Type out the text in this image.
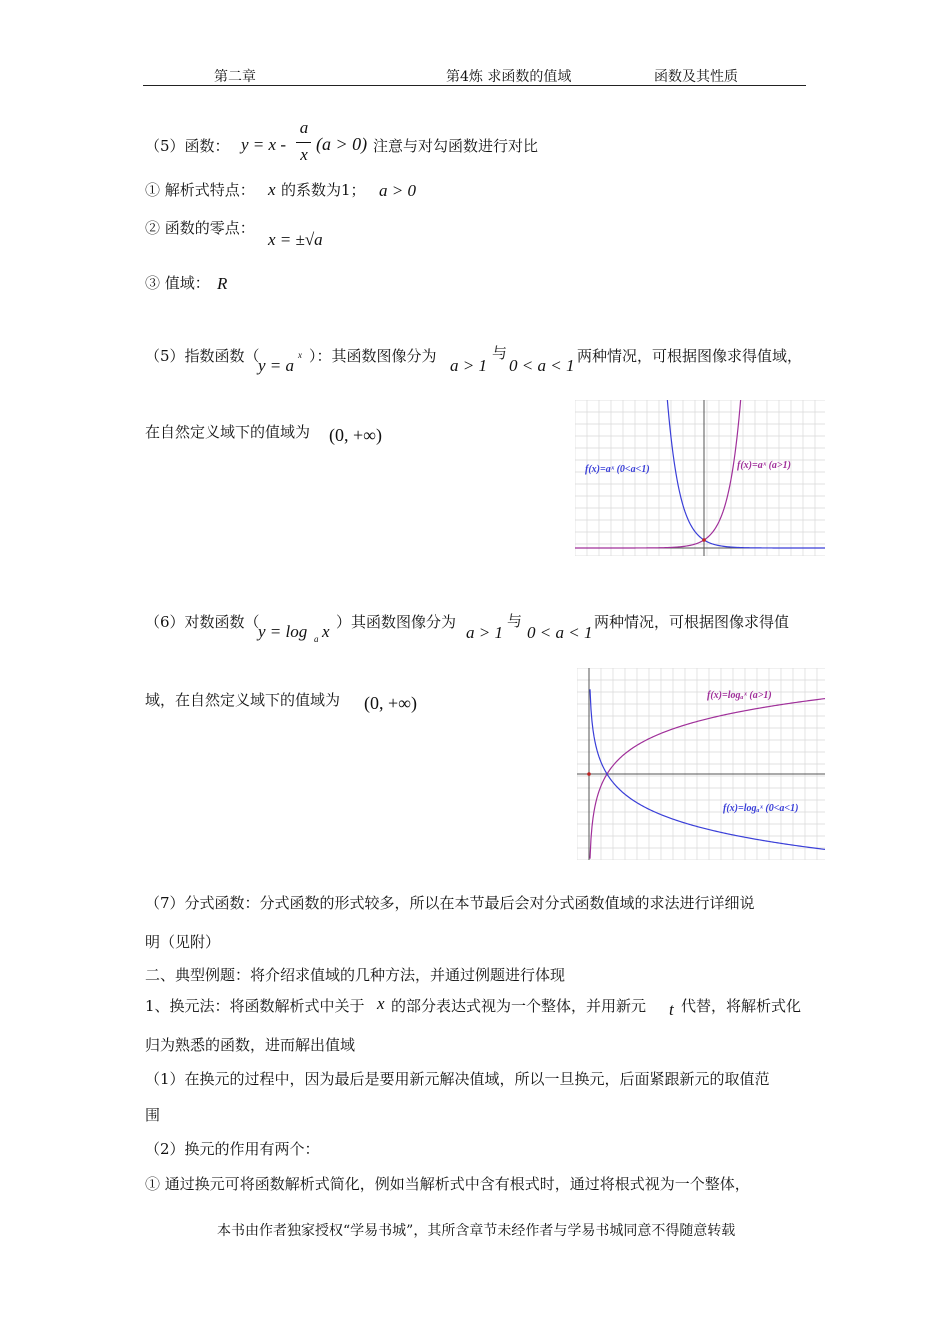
第二章	第4炼 求函数的值域	函数及其性质
（5）函数： y = x -
a
x
(a > 0) 注意与对勾函数进行对比
① 解析式特点： x 的系数为1； a > 0
② 函数的零点：
x = ±√a
③ 值域： R
（5）指数函数（
y = a
x ）：其函数图像分为 a > 1
与
0 < a < 1 两种情况，可根据图像求得值域，
在自然定义域下的值域为 (0, +∞)
f(x)=aˣ (0<a<1)	f(x)=aˣ (a>1)
（6）对数函数（
y = log a x ）其函数图像分为
a > 1
与
0 < a < 1
两种情况，可根据图像求得值
域，在自然定义域下的值域为 (0, +∞)	f(x)=logₐˣ (a>1)
f(x)=logₐˣ (0<a<1)
（7）分式函数：分式函数的形式较多，所以在本节最后会对分式函数值域的求法进行详细说
明（见附）
二、典型例题：将介绍求值域的几种方法，并通过例题进行体现
1、换元法：将函数解析式中关于 x 的部分表达式视为一个整体，并用新元 t 代替，将解析式化
归为熟悉的函数，进而解出值域
（1）在换元的过程中，因为最后是要用新元解决值域，所以一旦换元，后面紧跟新元的取值范
围
（2）换元的作用有两个：
① 通过换元可将函数解析式简化，例如当解析式中含有根式时，通过将根式视为一个整体，
本书由作者独家授权“学易书城”，其所含章节未经作者与学易书城同意不得随意转载
